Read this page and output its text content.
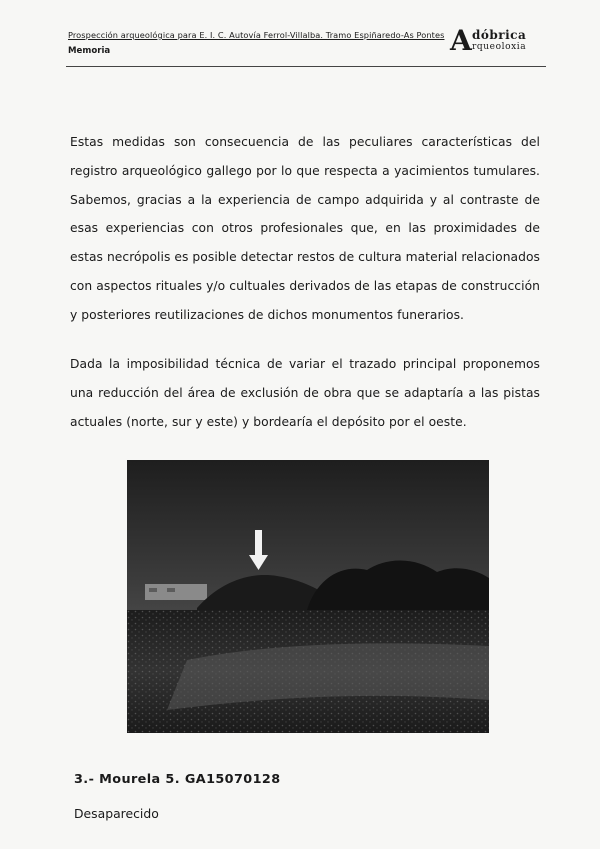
Prospección arqueológica para E. I. C. Autovía Ferrol-Villalba. Tramo Espiñaredo-As Pontes
Memoria	A dóbrica
rqueoloxia

Estas medidas son consecuencia de las peculiares características del registro arqueológico gallego por lo que respecta a yacimientos tumulares. Sabemos, gracias a la experiencia de campo adquirida y al contraste de esas experiencias con otros profesionales que, en las proximidades de estas necrópolis es posible detectar restos de cultura material relacionados con aspectos rituales y/o cultuales derivados de las etapas de construcción y posteriores reutilizaciones de dichos monumentos funerarios.

Dada la imposibilidad técnica de variar el trazado principal proponemos una reducción del área de exclusión de obra que se adaptaría a las pistas actuales (norte, sur y este) y bordearía el depósito por el oeste.

3.- Mourela 5. GA15070128
Desaparecido
